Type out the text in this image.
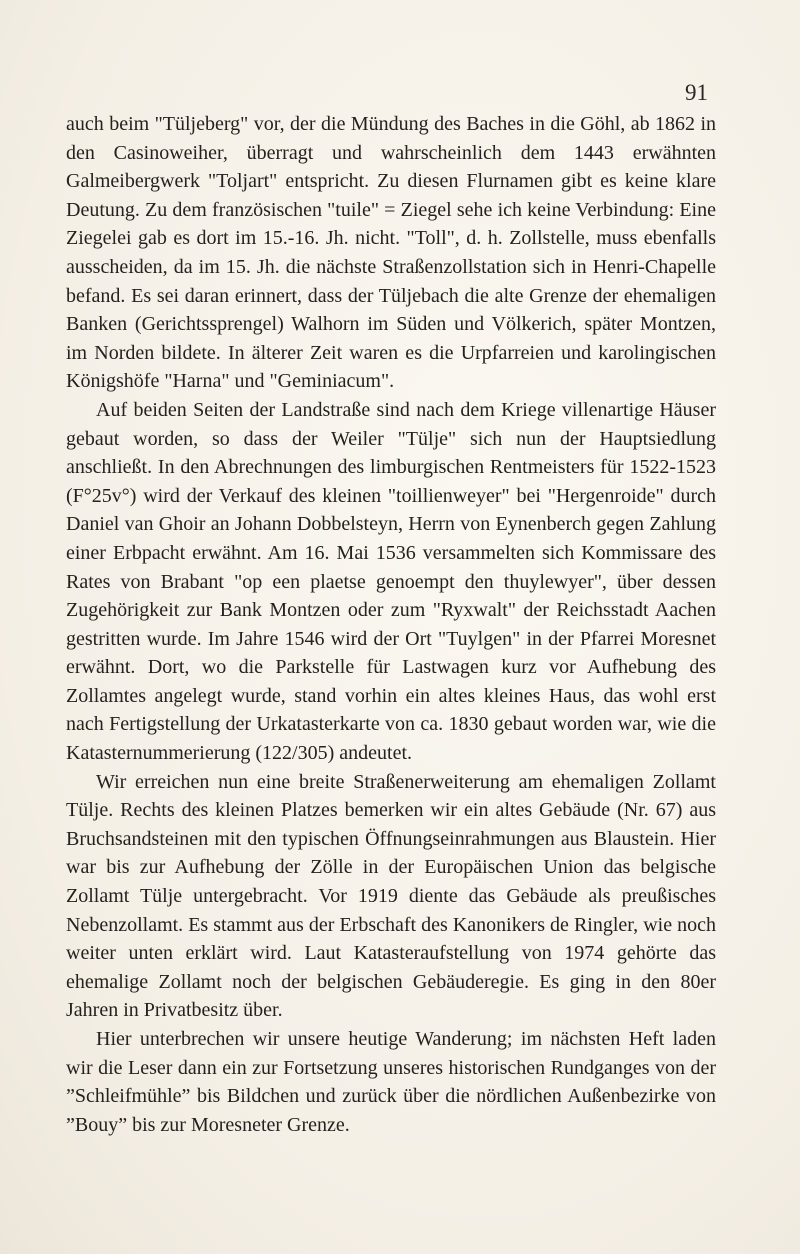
91

auch beim "Tüljeberg" vor, der die Mündung des Baches in die Göhl, ab 1862 in den Casinoweiher, überragt und wahrscheinlich dem 1443 erwähnten Galmeibergwerk "Toljart" entspricht. Zu diesen Flurnamen gibt es keine klare Deutung. Zu dem französischen "tuile" = Ziegel sehe ich keine Verbindung: Eine Ziegelei gab es dort im 15.-16. Jh. nicht. "Toll", d. h. Zollstelle, muss ebenfalls ausscheiden, da im 15. Jh. die nächste Straßenzollstation sich in Henri-Chapelle befand. Es sei daran erinnert, dass der Tüljebach die alte Grenze der ehemaligen Banken (Gerichtssprengel) Walhorn im Süden und Völkerich, später Montzen, im Norden bildete. In älterer Zeit waren es die Urpfarreien und karolingischen Königshöfe "Harna" und "Geminiacum".

Auf beiden Seiten der Landstraße sind nach dem Kriege villenartige Häuser gebaut worden, so dass der Weiler "Tülje" sich nun der Hauptsiedlung anschließt. In den Abrechnungen des limburgischen Rentmeisters für 1522-1523 (F°25v°) wird der Verkauf des kleinen "toillienweyer" bei "Hergenroide" durch Daniel van Ghoir an Johann Dobbelsteyn, Herrn von Eynenberch gegen Zahlung einer Erbpacht erwähnt. Am 16. Mai 1536 versammelten sich Kommissare des Rates von Brabant "op een plaetse genoempt den thuylewyer", über dessen Zugehörigkeit zur Bank Montzen oder zum "Ryxwalt" der Reichsstadt Aachen gestritten wurde. Im Jahre 1546 wird der Ort "Tuylgen" in der Pfarrei Moresnet erwähnt. Dort, wo die Parkstelle für Lastwagen kurz vor Aufhebung des Zollamtes angelegt wurde, stand vorhin ein altes kleines Haus, das wohl erst nach Fertigstellung der Urkatasterkarte von ca. 1830 gebaut worden war, wie die Katasternummerierung (122/305) andeutet.

Wir erreichen nun eine breite Straßenerweiterung am ehemaligen Zollamt Tülje. Rechts des kleinen Platzes bemerken wir ein altes Gebäude (Nr. 67) aus Bruchsandsteinen mit den typischen Öffnungseinrahmungen aus Blaustein. Hier war bis zur Aufhebung der Zölle in der Europäischen Union das belgische Zollamt Tülje untergebracht. Vor 1919 diente das Gebäude als preußisches Nebenzollamt. Es stammt aus der Erbschaft des Kanonikers de Ringler, wie noch weiter unten erklärt wird. Laut Katasteraufstellung von 1974 gehörte das ehemalige Zollamt noch der belgischen Gebäuderegie. Es ging in den 80er Jahren in Privatbesitz über.

Hier unterbrechen wir unsere heutige Wanderung; im nächsten Heft laden wir die Leser dann ein zur Fortsetzung unseres historischen Rundganges von der ”Schleifmühle” bis Bildchen und zurück über die nördlichen Außenbezirke von ”Bouy” bis zur Moresneter Grenze.
